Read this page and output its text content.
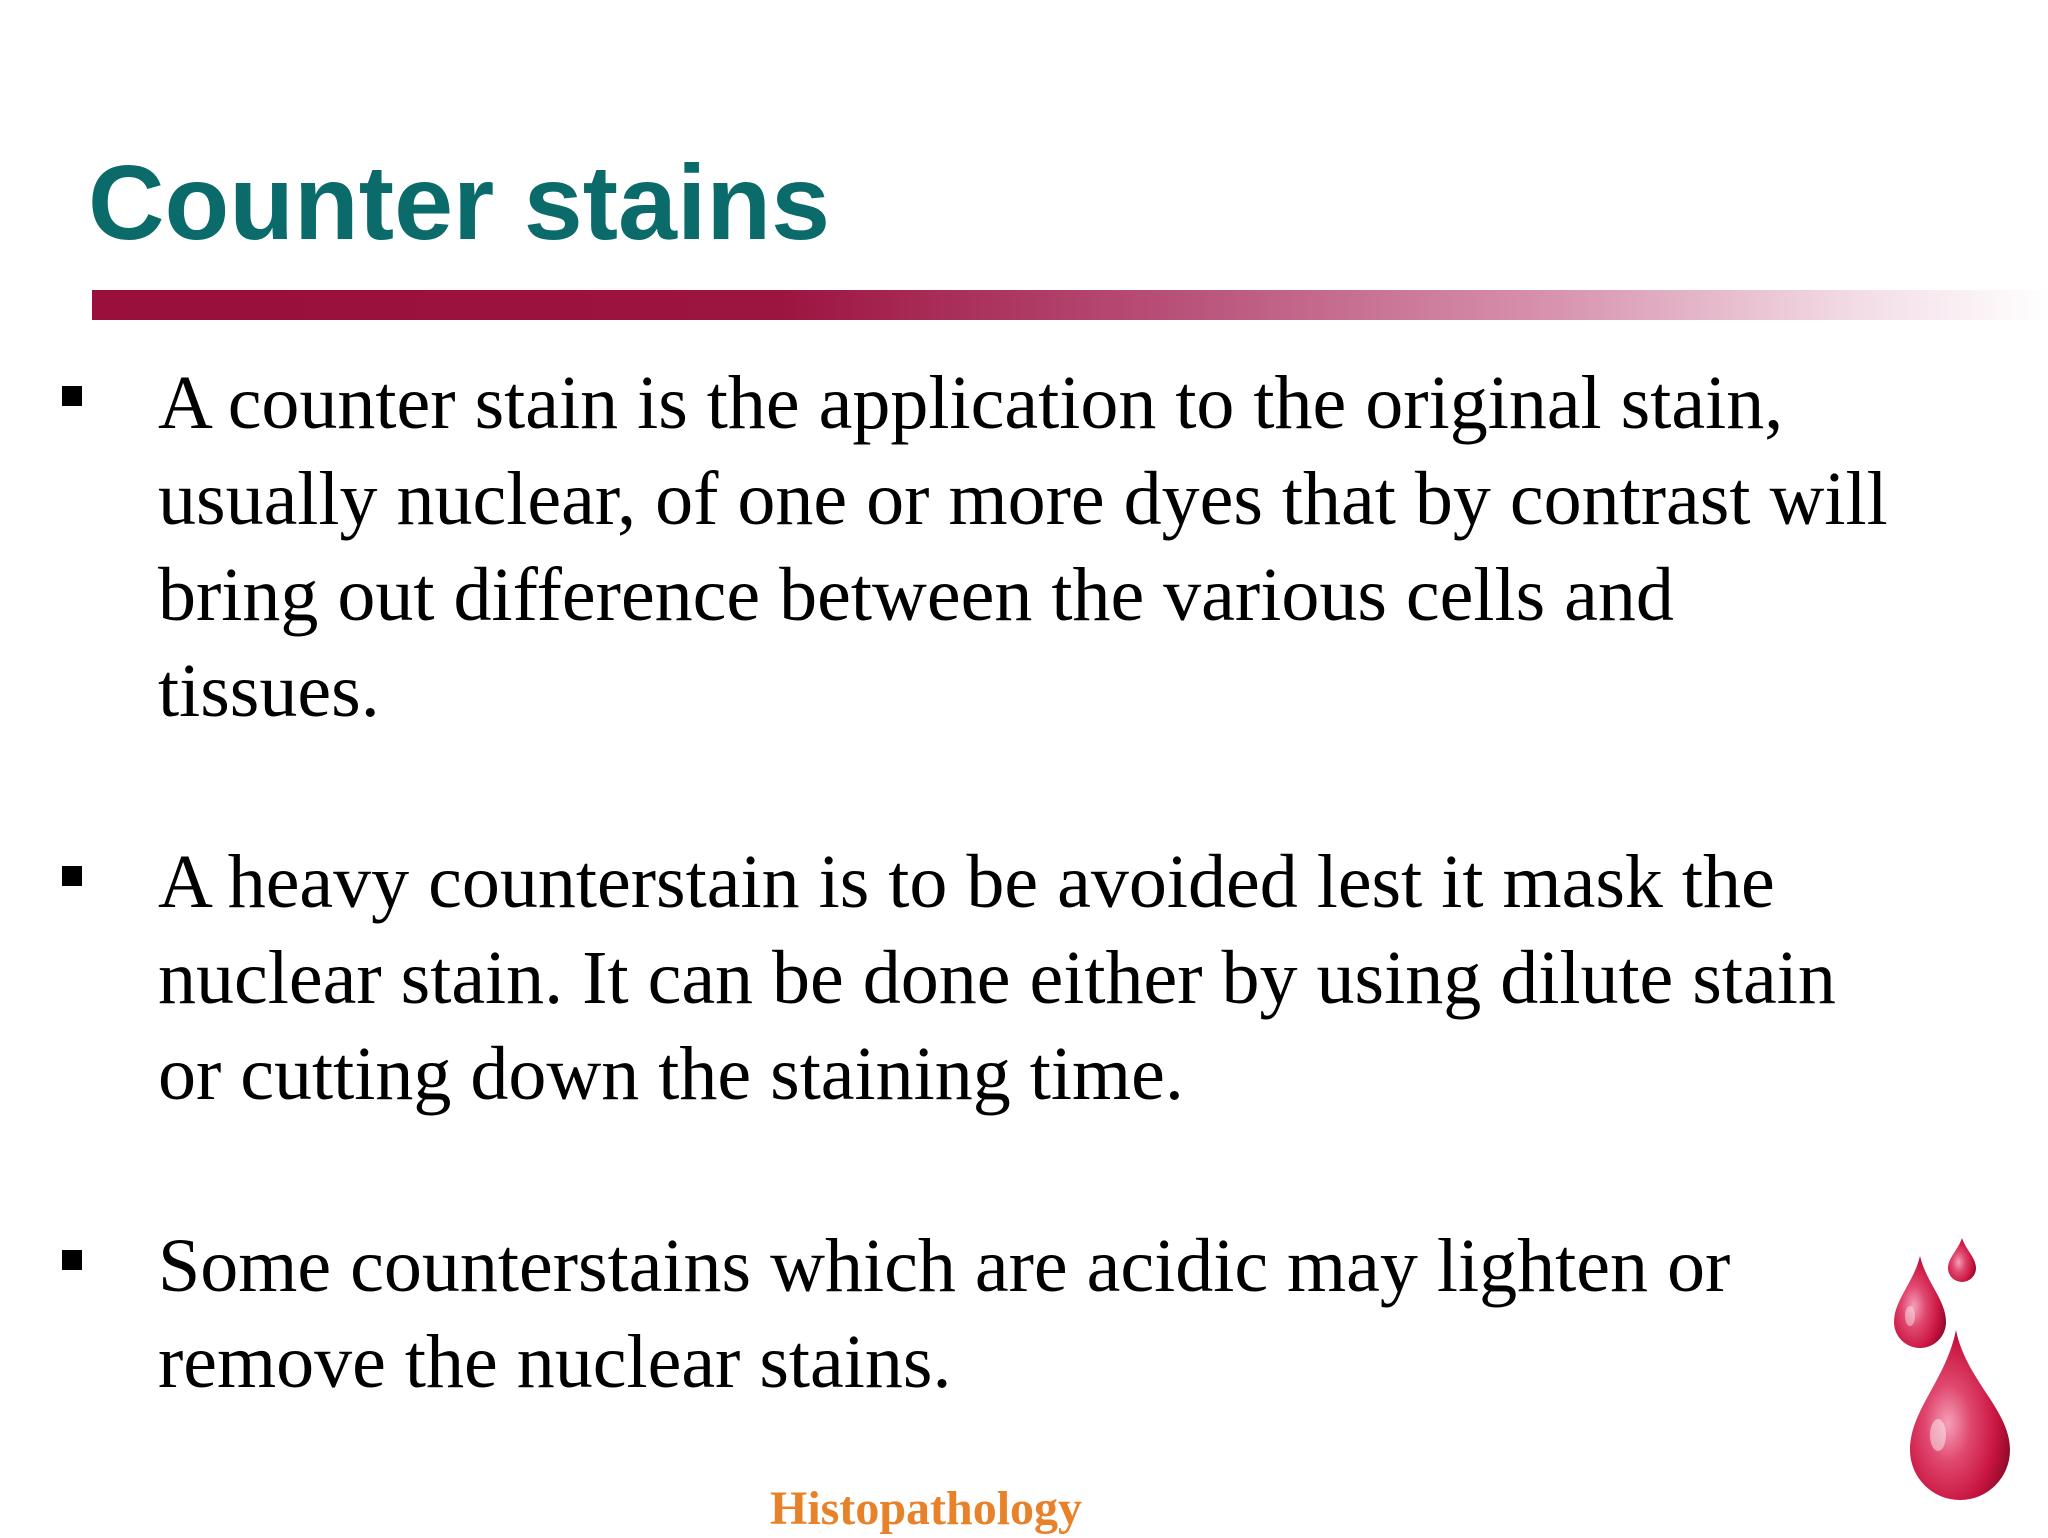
Counter stains

A counter stain is the application to the original stain,
usually nuclear, of one or more dyes that by contrast will
bring out difference between the various cells and
tissues.

A heavy counterstain is to be avoided lest it mask the
nuclear stain. It can be done either by using dilute stain
or cutting down the staining time.

Some counterstains which are acidic may lighten or
remove the nuclear stains.

Histopathology
